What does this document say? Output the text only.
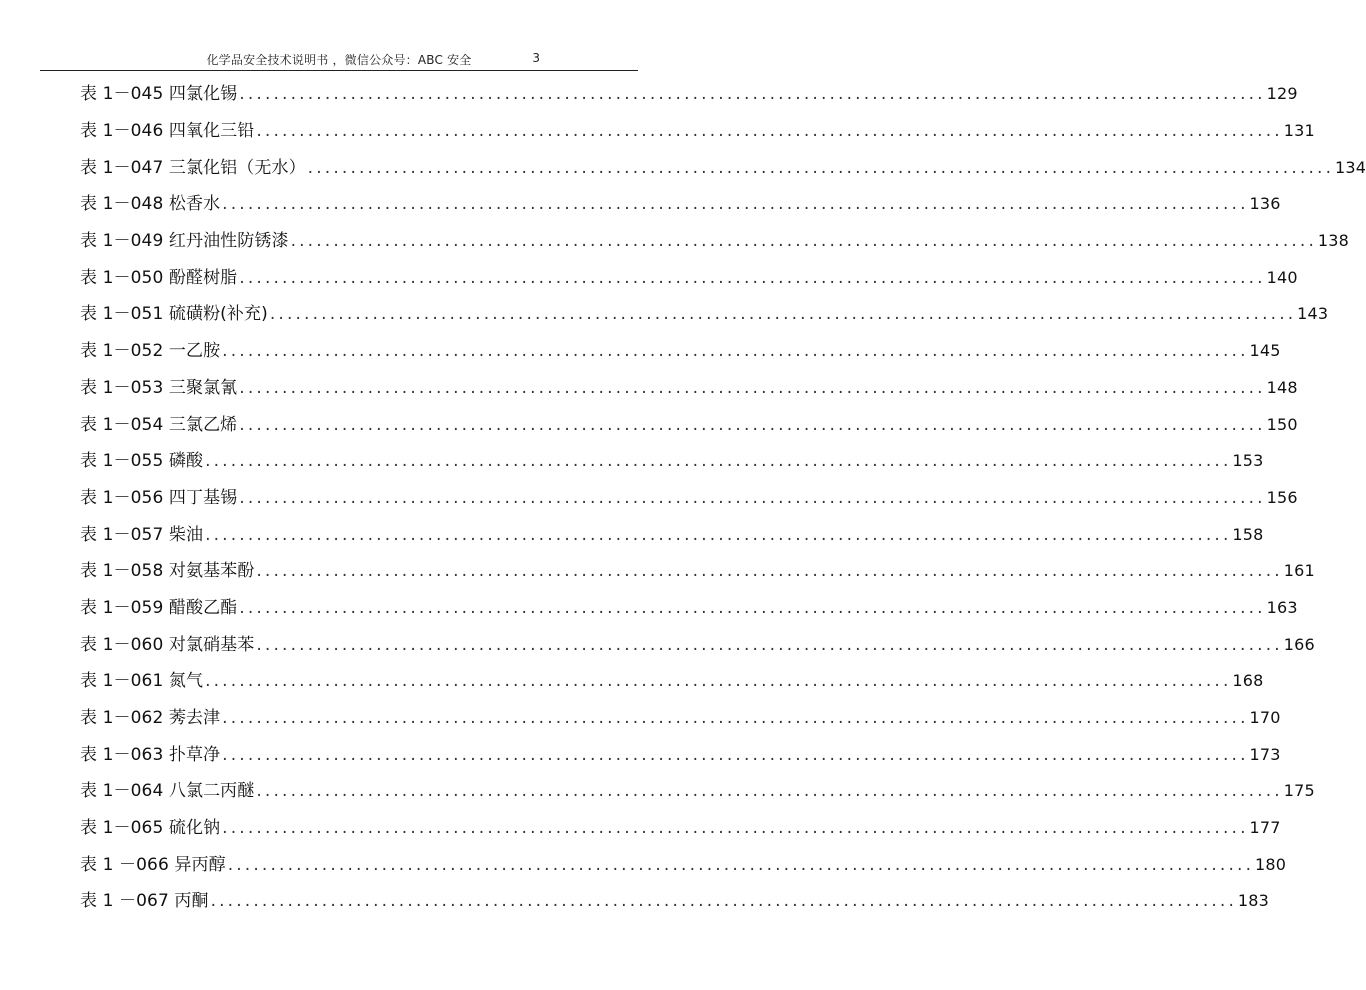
化学品安全技术说明书 ，微信公众号：ABC 安全	3
表 1－045 四氯化锡 ........................................................................................................................ 129
表 1－046 四氧化三铅 ........................................................................................................................ 131
表 1－047 三氯化铝（无水） ........................................................................................................................ 134
表 1－048 松香水 ........................................................................................................................ 136
表 1－049 红丹油性防锈漆 ........................................................................................................................ 138
表 1－050 酚醛树脂 ........................................................................................................................ 140
表 1－051 硫磺粉(补充) ........................................................................................................................ 143
表 1－052 一乙胺 ........................................................................................................................ 145
表 1－053 三聚氯氰 ........................................................................................................................ 148
表 1－054 三氯乙烯 ........................................................................................................................ 150
表 1－055 磷酸 ........................................................................................................................ 153
表 1－056 四丁基锡 ........................................................................................................................ 156
表 1－057 柴油 ........................................................................................................................ 158
表 1－058 对氨基苯酚 ........................................................................................................................ 161
表 1－059 醋酸乙酯 ........................................................................................................................ 163
表 1－060 对氯硝基苯 ........................................................................................................................ 166
表 1－061 氮气 ........................................................................................................................ 168
表 1－062 莠去津 ........................................................................................................................ 170
表 1－063 扑草净 ........................................................................................................................ 173
表 1－064 八氯二丙醚 ........................................................................................................................ 175
表 1－065 硫化钠 ........................................................................................................................ 177
表 1 －066 异丙醇 ........................................................................................................................ 180
表 1 －067 丙酮 ........................................................................................................................ 183
